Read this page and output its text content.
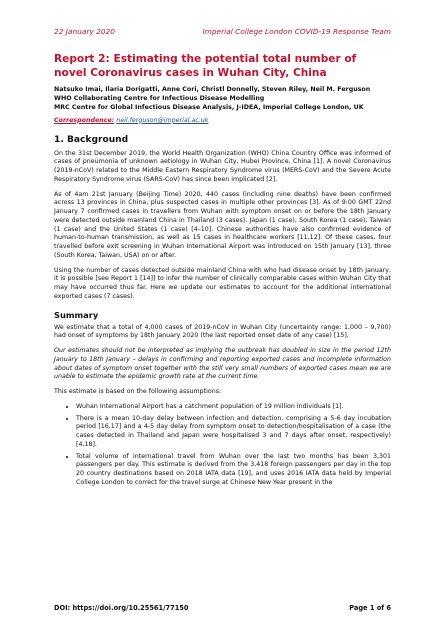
22 January 2020	Imperial College London COVID-19 Response Team
Report 2: Estimating the potential total number of novel Coronavirus cases in Wuhan City, China
Natsuko Imai, Ilaria Dorigatti, Anne Cori, Christl Donnelly, Steven Riley, Neil M. Ferguson
WHO Collaborating Centre for Infectious Disease Modelling
MRC Centre for Global Infectious Disease Analysis, J-IDEA, Imperial College London, UK
Correspondence: neil.ferguson@imperial.ac.uk
1. Background

On the 31st December 2019, the World Health Organization (WHO) China Country Office was informed of cases of pneumonia of unknown aetiology in Wuhan City, Hubei Province, China [1]. A novel Coronavirus (2019-nCoV) related to the Middle Eastern Respiratory Syndrome virus (MERS-CoV) and the Severe Acute Respiratory Syndrome virus (SARS-CoV) has since been implicated [2].

As of 4am 21st January (Beijing Time) 2020, 440 cases (including nine deaths) have been confirmed across 13 provinces in China, plus suspected cases in multiple other provinces [3]. As of 9:00 GMT 22nd January 7 confirmed cases in travellers from Wuhan with symptom onset on or before the 18th January were detected outside mainland China in Thailand (3 cases), Japan (1 case), South Korea (1 case), Taiwan (1 case) and the United States (1 case) [4–10]. Chinese authorities have also confirmed evidence of human-to-human transmission, as well as 15 cases in healthcare workers [11,12]. Of these cases, four travelled before exit screening in Wuhan International Airport was introduced on 15th January [13], three (South Korea, Taiwan, USA) on or after.

Using the number of cases detected outside mainland China with who had disease onset by 18th January, it is possible [see Report 1 [14]] to infer the number of clinically comparable cases within Wuhan City that may have occurred thus far. Here we update our estimates to account for the additional international exported cases (7 cases).

Summary

We estimate that a total of 4,000 cases of 2019-nCoV in Wuhan City (uncertainty range: 1,000 – 9,700) had onset of symptoms by 18th January 2020 (the last reported onset date of any case) [15].

Our estimates should not be interpreted as implying the outbreak has doubled in size in the period 12th January to 18th January – delays in confirming and reporting exported cases and incomplete information about dates of symptom onset together with the still very small numbers of exported cases mean we are unable to estimate the epidemic growth rate at the current time.

This estimate is based on the following assumptions:

• Wuhan International Airport has a catchment population of 19 million individuals [1].
• There is a mean 10-day delay between infection and detection, comprising a 5-6 day incubation period [16,17] and a 4-5 day delay from symptom onset to detection/hospitalisation of a case (the cases detected in Thailand and Japan were hospitalised 3 and 7 days after onset, respectively) [4,18].
• Total volume of international travel from Wuhan over the last two months has been 3,301 passengers per day. This estimate is derived from the 3,418 foreign passengers per day in the top 20 country destinations based on 2018 IATA data [19], and uses 2016 IATA data held by Imperial College London to correct for the travel surge at Chinese New Year present in the
DOI: https://doi.org/10.25561/77150	Page 1 of 6
